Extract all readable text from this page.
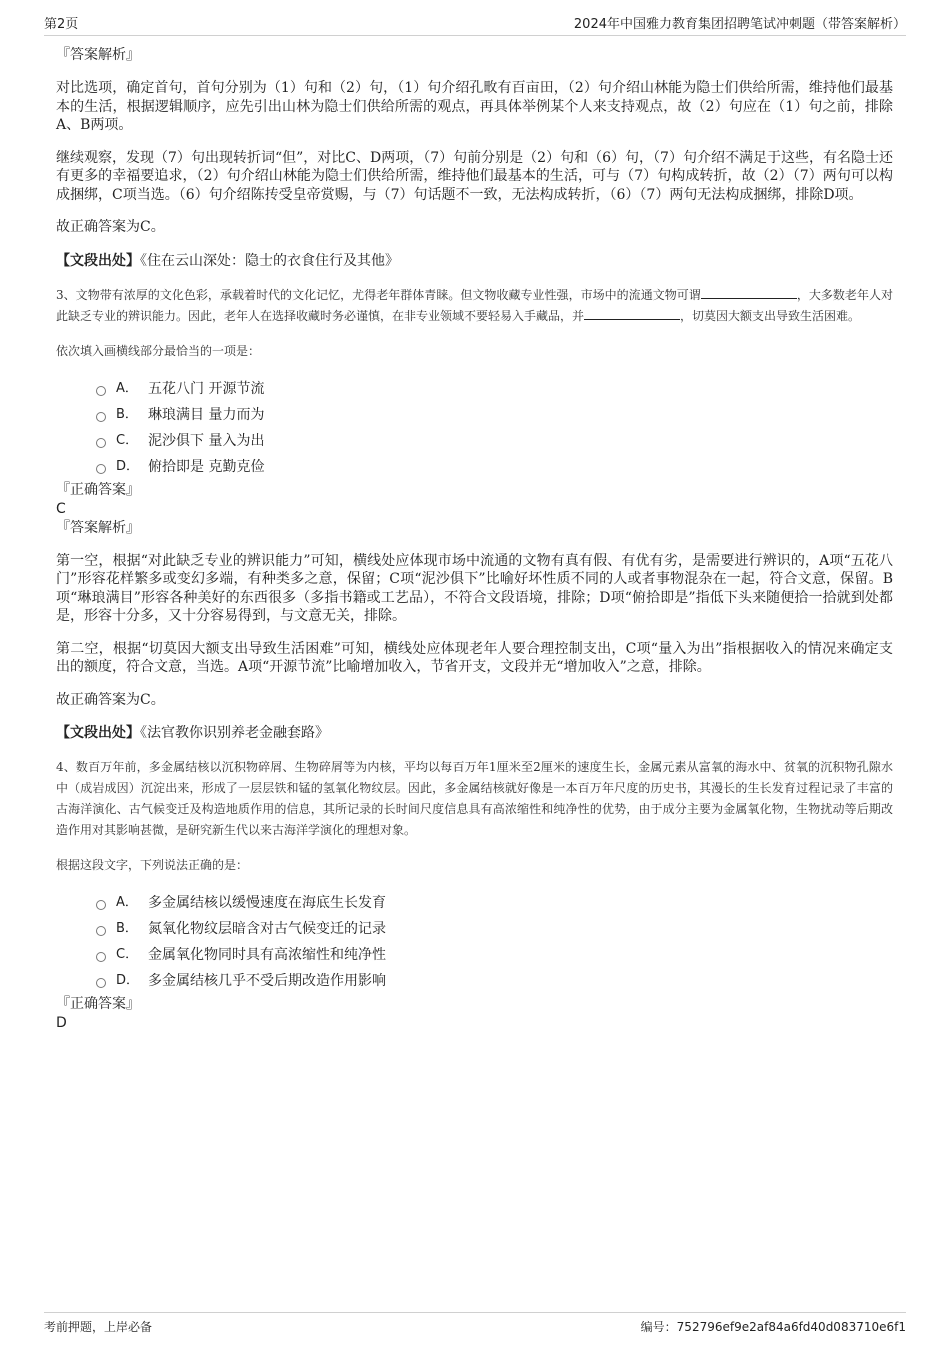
第2页	2024年中国雅力教育集团招聘笔试冲刺题（带答案解析）

『答案解析』

对比选项，确定首句，首句分别为（1）句和（2）句，（1）句介绍孔畋有百亩田，（2）句介绍山林能为隐士们供给所需，维持他们最基本的生活，根据逻辑顺序，应先引出山林为隐士们供给所需的观点，再具体举例某个人来支持观点，故（2）句应在（1）句之前，排除A、B两项。

继续观察，发现（7）句出现转折词“但”，对比C、D两项，（7）句前分别是（2）句和（6）句，（7）句介绍不满足于这些，有名隐士还有更多的幸福要追求，（2）句介绍山林能为隐士们供给所需，维持他们最基本的生活，可与（7）句构成转折，故（2）（7）两句可以构成捆绑，C项当选。（6）句介绍陈抟受皇帝赏赐，与（7）句话题不一致，无法构成转折，（6）（7）两句无法构成捆绑，排除D项。

故正确答案为C。

【文段出处】《住在云山深处：隐士的衣食住行及其他》

3、文物带有浓厚的文化色彩，承载着时代的文化记忆，尤得老年群体青睐。但文物收藏专业性强，市场中的流通文物可谓	，大多数老年人对此缺乏专业的辨识能力。因此，老年人在选择收藏时务必谨慎，在非专业领域不要轻易入手藏品，并	，切莫因大额支出导致生活困难。

依次填入画横线部分最恰当的一项是：

A． 五花八门 开源节流
B． 琳琅满目 量力而为
C． 泥沙俱下 量入为出
D． 俯拾即是 克勤克俭

『正确答案』

C

『答案解析』

第一空，根据“对此缺乏专业的辨识能力”可知，横线处应体现市场中流通的文物有真有假、有优有劣，是需要进行辨识的，A项“五花八门”形容花样繁多或变幻多端，有种类多之意，保留；C项“泥沙俱下”比喻好坏性质不同的人或者事物混杂在一起，符合文意，保留。B项“琳琅满目”形容各种美好的东西很多（多指书籍或工艺品），不符合文段语境，排除；D项“俯拾即是”指低下头来随便拾一拾就到处都是，形容十分多，又十分容易得到，与文意无关，排除。

第二空，根据“切莫因大额支出导致生活困难”可知，横线处应体现老年人要合理控制支出，C项“量入为出”指根据收入的情况来确定支出的额度，符合文意，当选。A项“开源节流”比喻增加收入，节省开支，文段并无“增加收入”之意，排除。

故正确答案为C。

【文段出处】《法官教你识别养老金融套路》

4、数百万年前，多金属结核以沉积物碎屑、生物碎屑等为内核，平均以每百万年1厘米至2厘米的速度生长，金属元素从富氧的海水中、贫氧的沉积物孔隙水中（成岩成因）沉淀出来，形成了一层层铁和锰的氢氧化物纹层。因此，多金属结核就好像是一本百万年尺度的历史书，其漫长的生长发育过程记录了丰富的古海洋演化、古气候变迁及构造地质作用的信息，其所记录的长时间尺度信息具有高浓缩性和纯净性的优势，由于成分主要为金属氧化物，生物扰动等后期改造作用对其影响甚微，是研究新生代以来古海洋学演化的理想对象。

根据这段文字，下列说法正确的是：

A． 多金属结核以缓慢速度在海底生长发育
B． 氮氧化物纹层暗含对古气候变迁的记录
C． 金属氧化物同时具有高浓缩性和纯净性
D． 多金属结核几乎不受后期改造作用影响

『正确答案』

D

考前押题，上岸必备	编号：752796ef9e2af84a6fd40d083710e6f1
